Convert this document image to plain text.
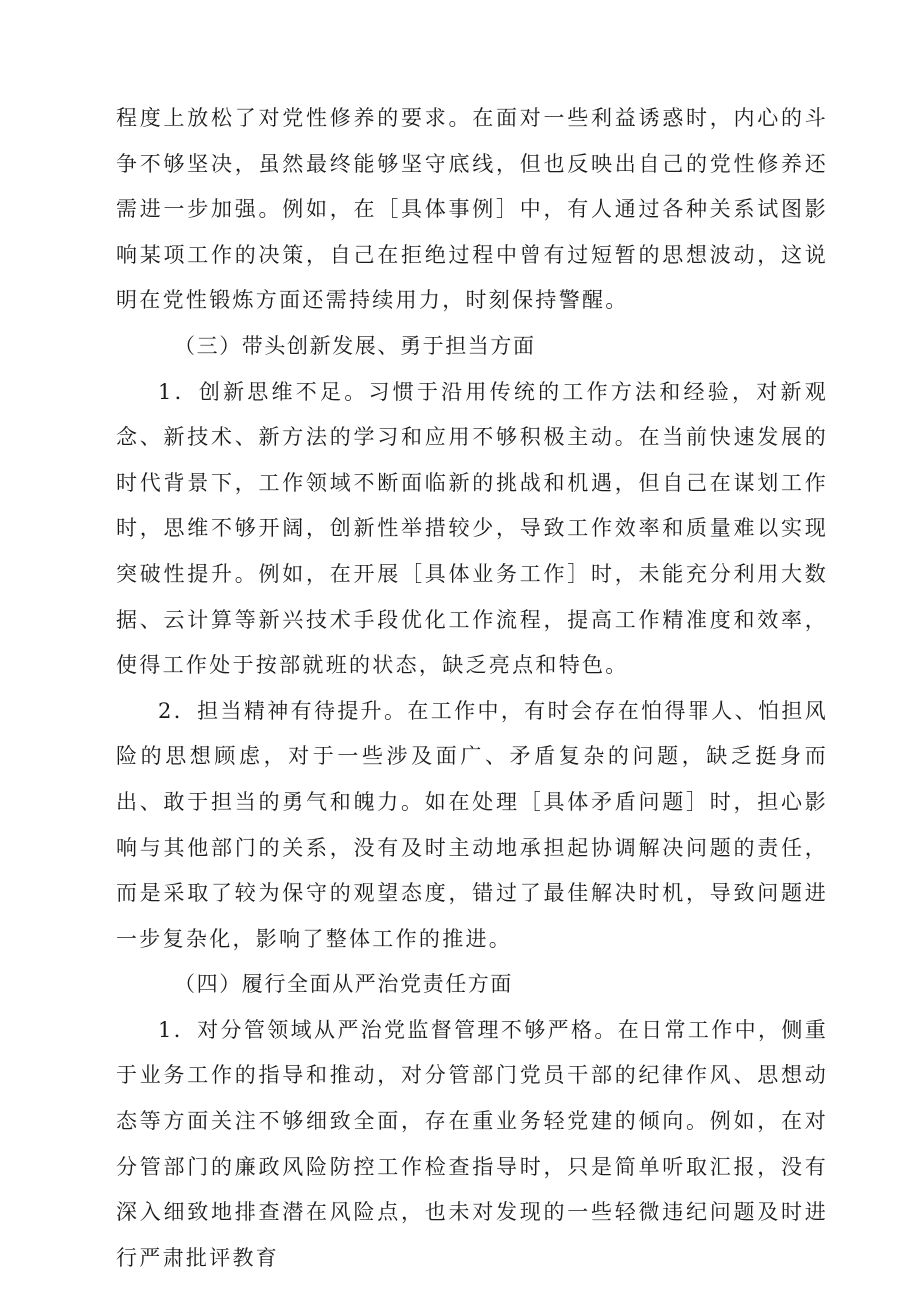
程度上放松了对党性修养的要求。在面对一些利益诱惑时，内心的斗争不够坚决，虽然最终能够坚守底线，但也反映出自己的党性修养还需进一步加强。例如，在［具体事例］中，有人通过各种关系试图影响某项工作的决策，自己在拒绝过程中曾有过短暂的思想波动，这说明在党性锻炼方面还需持续用力，时刻保持警醒。

（三）带头创新发展、勇于担当方面

1．创新思维不足。习惯于沿用传统的工作方法和经验，对新观念、新技术、新方法的学习和应用不够积极主动。在当前快速发展的时代背景下，工作领域不断面临新的挑战和机遇，但自己在谋划工作时，思维不够开阔，创新性举措较少，导致工作效率和质量难以实现突破性提升。例如，在开展［具体业务工作］时，未能充分利用大数据、云计算等新兴技术手段优化工作流程，提高工作精准度和效率，使得工作处于按部就班的状态，缺乏亮点和特色。

2．担当精神有待提升。在工作中，有时会存在怕得罪人、怕担风险的思想顾虑，对于一些涉及面广、矛盾复杂的问题，缺乏挺身而出、敢于担当的勇气和魄力。如在处理［具体矛盾问题］时，担心影响与其他部门的关系，没有及时主动地承担起协调解决问题的责任，而是采取了较为保守的观望态度，错过了最佳解决时机，导致问题进一步复杂化，影响了整体工作的推进。

（四）履行全面从严治党责任方面

1．对分管领域从严治党监督管理不够严格。在日常工作中，侧重于业务工作的指导和推动，对分管部门党员干部的纪律作风、思想动态等方面关注不够细致全面，存在重业务轻党建的倾向。例如，在对分管部门的廉政风险防控工作检查指导时，只是简单听取汇报，没有深入细致地排查潜在风险点，也未对发现的一些轻微违纪问题及时进行严肃批评教育
